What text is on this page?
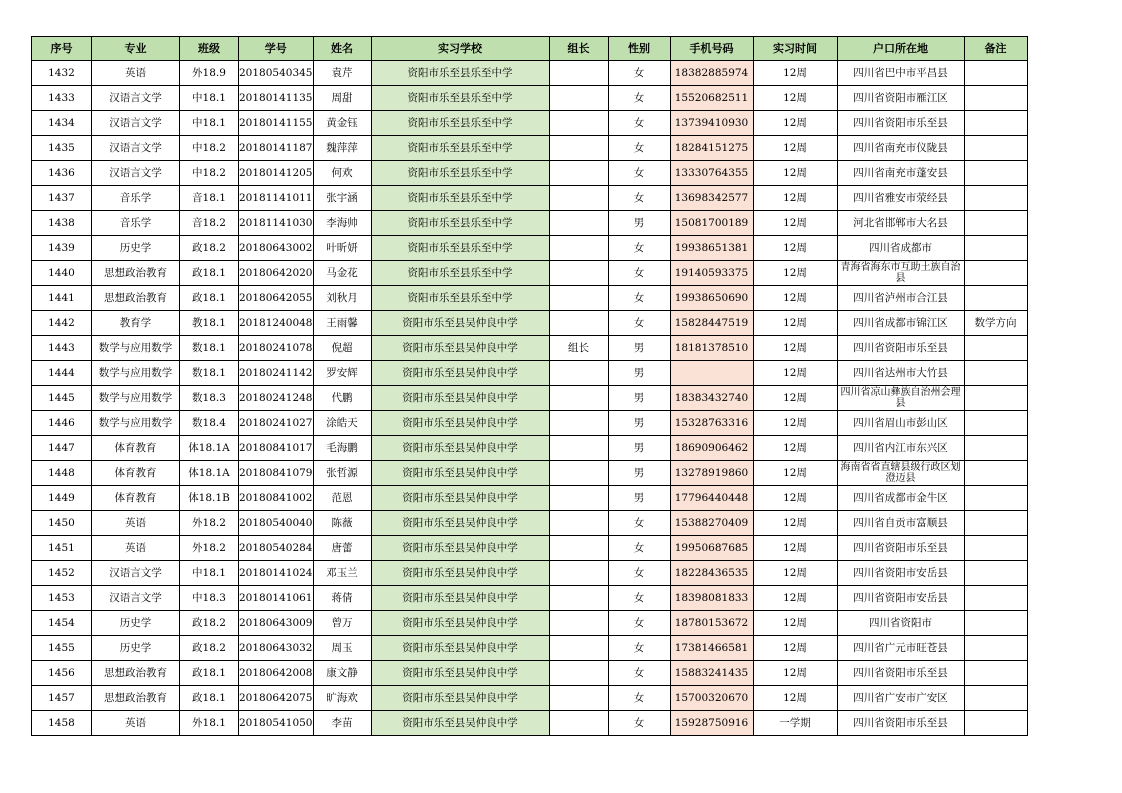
序号	专业	班级	学号	姓名	实习学校	组长	性别	手机号码	实习时间	户口所在地	备注
1432	英语	外18.9	20180540345	袁芹	资阳市乐至县乐至中学		女	18382885974	12周	四川省巴中市平昌县	
1433	汉语言文学	中18.1	20180141135	周甜	资阳市乐至县乐至中学		女	15520682511	12周	四川省资阳市雁江区	
1434	汉语言文学	中18.1	20180141155	黄金钰	资阳市乐至县乐至中学		女	13739410930	12周	四川省资阳市乐至县	
1435	汉语言文学	中18.2	20180141187	魏萍萍	资阳市乐至县乐至中学		女	18284151275	12周	四川省南充市仪陇县	
1436	汉语言文学	中18.2	20180141205	何欢	资阳市乐至县乐至中学		女	13330764355	12周	四川省南充市蓬安县	
1437	音乐学	音18.1	20181141011	张宇涵	资阳市乐至县乐至中学		女	13698342577	12周	四川省雅安市荥经县	
1438	音乐学	音18.2	20181141030	李海帅	资阳市乐至县乐至中学		男	15081700189	12周	河北省邯郸市大名县	
1439	历史学	政18.2	20180643002	叶昕妍	资阳市乐至县乐至中学		女	19938651381	12周	四川省成都市	
1440	思想政治教育	政18.1	20180642020	马金花	资阳市乐至县乐至中学		女	19140593375	12周	青海省海东市互助土族自治县	
1441	思想政治教育	政18.1	20180642055	刘秋月	资阳市乐至县乐至中学		女	19938650690	12周	四川省泸州市合江县	
1442	教育学	教18.1	20181240048	王雨馨	资阳市乐至县吴仲良中学		女	15828447519	12周	四川省成都市锦江区	数学方向
1443	数学与应用数学	数18.1	20180241078	倪超	资阳市乐至县吴仲良中学	组长	男	18181378510	12周	四川省资阳市乐至县	
1444	数学与应用数学	数18.1	20180241142	罗安辉	资阳市乐至县吴仲良中学		男		12周	四川省达州市大竹县	
1445	数学与应用数学	数18.3	20180241248	代鹏	资阳市乐至县吴仲良中学		男	18383432740	12周	四川省凉山彝族自治州会理县	
1446	数学与应用数学	数18.4	20180241027	涂皓天	资阳市乐至县吴仲良中学		男	15328763316	12周	四川省眉山市彭山区	
1447	体育教育	体18.1A	20180841017	毛海鹏	资阳市乐至县吴仲良中学		男	18690906462	12周	四川省内江市东兴区	
1448	体育教育	体18.1A	20180841079	张哲源	资阳市乐至县吴仲良中学		男	13278919860	12周	海南省省直辖县级行政区划澄迈县	
1449	体育教育	体18.1B	20180841002	范恩	资阳市乐至县吴仲良中学		男	17796440448	12周	四川省成都市金牛区	
1450	英语	外18.2	20180540040	陈薇	资阳市乐至县吴仲良中学		女	15388270409	12周	四川省自贡市富顺县	
1451	英语	外18.2	20180540284	唐蕾	资阳市乐至县吴仲良中学		女	19950687685	12周	四川省资阳市乐至县	
1452	汉语言文学	中18.1	20180141024	邓玉兰	资阳市乐至县吴仲良中学		女	18228436535	12周	四川省资阳市安岳县	
1453	汉语言文学	中18.3	20180141061	蒋倩	资阳市乐至县吴仲良中学		女	18398081833	12周	四川省资阳市安岳县	
1454	历史学	政18.2	20180643009	曾万	资阳市乐至县吴仲良中学		女	18780153672	12周	四川省资阳市	
1455	历史学	政18.2	20180643032	周玉	资阳市乐至县吴仲良中学		女	17381466581	12周	四川省广元市旺苍县	
1456	思想政治教育	政18.1	20180642008	康文静	资阳市乐至县吴仲良中学		女	15883241435	12周	四川省资阳市乐至县	
1457	思想政治教育	政18.1	20180642075	旷海欢	资阳市乐至县吴仲良中学		女	15700320670	12周	四川省广安市广安区	
1458	英语	外18.1	20180541050	李苗	资阳市乐至县吴仲良中学		女	15928750916	一学期	四川省资阳市乐至县	
